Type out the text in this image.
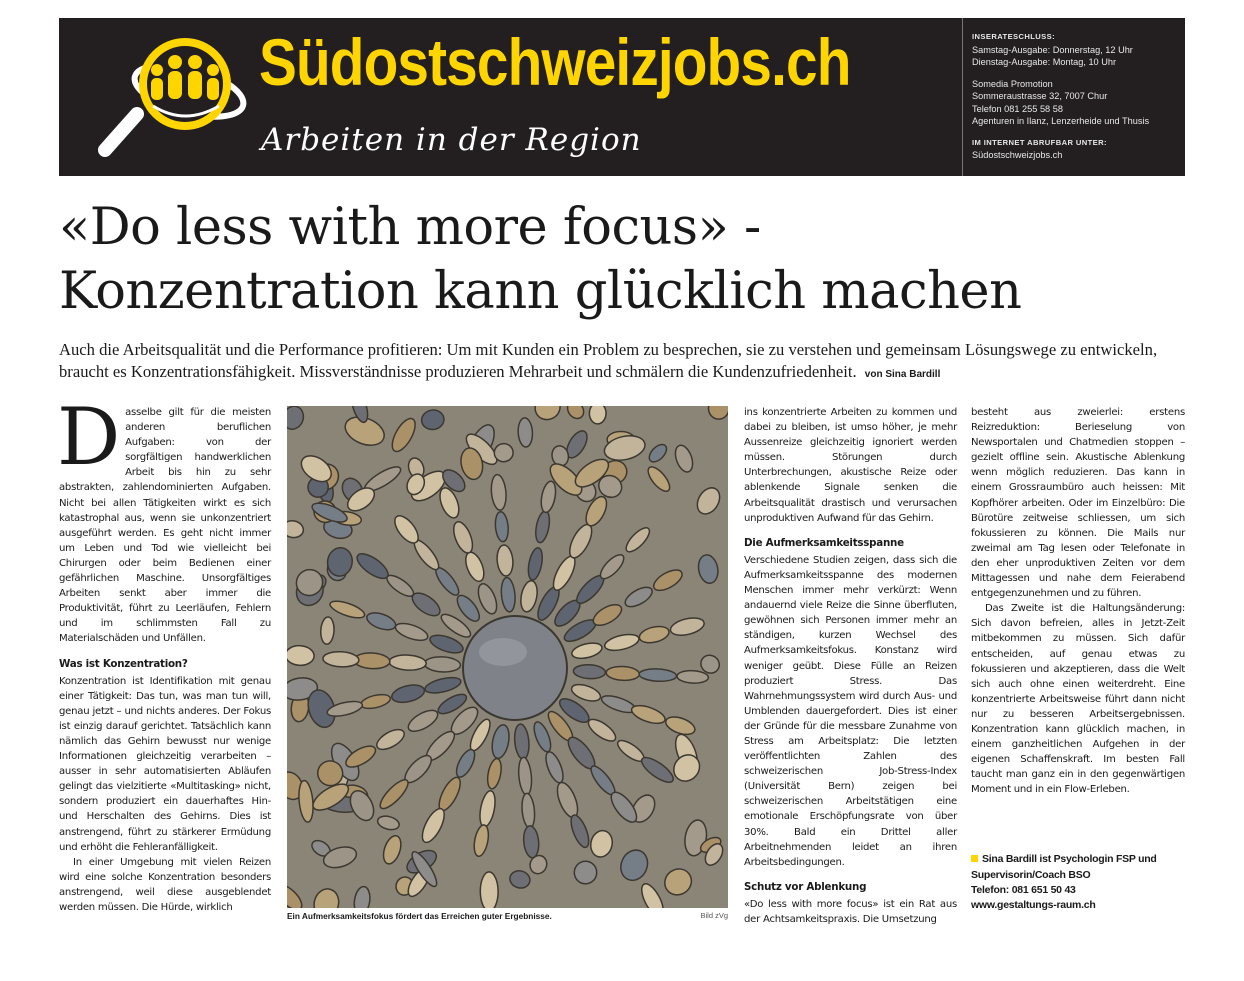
Südostschweizjobs.ch
Arbeiten in der Region
INSERATESCHLUSS:
Samstag-Ausgabe: Donnerstag, 12 Uhr
Dienstag-Ausgabe: Montag, 10 Uhr
Somedia Promotion
Sommeraustrasse 32, 7007 Chur
Telefon 081 255 58 58
Agenturen in Ilanz, Lenzerheide und Thusis
IM INTERNET ABRUFBAR UNTER:
Südostschweizjobs.ch
«Do less with more focus» -
Konzentration kann glücklich machen
Auch die Arbeitsqualität und die Performance profitieren: Um mit Kunden ein Problem zu besprechen, sie zu verstehen und gemeinsam Lösungswege zu entwickeln, braucht es Konzentrationsfähigkeit. Missverständnisse produzieren Mehrarbeit und schmälern die Kundenzufriedenheit. von Sina Bardill

Dasselbe gilt für die meisten anderen beruflichen Aufgaben: von der sorgfältigen handwerklichen Arbeit bis hin zu sehr abstrakten, zahlendominierten Aufgaben. Nicht bei allen Tätigkeiten wirkt es sich katastrophal aus, wenn sie unkonzentriert ausgeführt werden. Es geht nicht immer um Leben und Tod wie vielleicht bei Chirurgen oder beim Bedienen einer gefährlichen Maschine. Unsorgfältiges Arbeiten senkt aber immer die Produktivität, führt zu Leerläufen, Fehlern und im schlimmsten Fall zu Materialschäden und Unfällen.

Was ist Konzentration?

Konzentration ist Identifikation mit genau einer Tätigkeit: Das tun, was man tun will, genau jetzt – und nichts anderes. Der Fokus ist einzig darauf gerichtet. Tatsächlich kann nämlich das Gehirn bewusst nur wenige Informationen gleichzeitig verarbeiten – ausser in sehr automatisierten Abläufen gelingt das vielzitierte «Multitasking» nicht, sondern produziert ein dauerhaftes Hin- und Herschalten des Gehirns. Dies ist anstrengend, führt zu stärkerer Ermüdung und erhöht die Fehleranfälligkeit.

In einer Umgebung mit vielen Reizen wird eine solche Konzentration besonders anstrengend, weil diese ausgeblendet werden müssen. Die Hürde, wirklich

Ein Aufmerksamkeitsfokus fördert das Erreichen guter Ergebnisse.	Bild zVg

ins konzentrierte Arbeiten zu kommen und dabei zu bleiben, ist umso höher, je mehr Aussenreize gleichzeitig ignoriert werden müssen. Störungen durch Unterbrechungen, akustische Reize oder ablenkende Signale senken die Arbeitsqualität drastisch und verursachen unproduktiven Aufwand für das Gehirn.

Die Aufmerksamkeitsspanne

Verschiedene Studien zeigen, dass sich die Aufmerksamkeitsspanne des modernen Menschen immer mehr verkürzt: Wenn andauernd viele Reize die Sinne überfluten, gewöhnen sich Personen immer mehr an ständigen, kurzen Wechsel des Aufmerksamkeitsfokus. Konstanz wird weniger geübt. Diese Fülle an Reizen produziert Stress. Das Wahrnehmungssystem wird durch Aus- und Umblenden dauergefordert. Dies ist einer der Gründe für die messbare Zunahme von Stress am Arbeitsplatz: Die letzten veröffentlichten Zahlen des schweizerischen Job-Stress-Index (Universität Bern) zeigen bei schweizerischen Arbeitstätigen eine emotionale Erschöpfungsrate von über 30%. Bald ein Drittel aller Arbeitnehmenden leidet an ihren Arbeitsbedingungen.

Schutz vor Ablenkung

«Do less with more focus» ist ein Rat aus der Achtsamkeitspraxis. Die Umsetzung

besteht aus zweierlei: erstens Reizreduktion: Berieselung von Newsportalen und Chatmedien stoppen – gezielt offline sein. Akustische Ablenkung wenn möglich reduzieren. Das kann in einem Grossraumbüro auch heissen: Mit Kopfhörer arbeiten. Oder im Einzelbüro: Die Bürotüre zeitweise schliessen, um sich fokussieren zu können. Die Mails nur zweimal am Tag lesen oder Telefonate in den eher unproduktiven Zeiten vor dem Mittagessen und nahe dem Feierabend entgegenzunehmen und zu führen.

Das Zweite ist die Haltungsänderung: Sich davon befreien, alles in Jetzt-Zeit mitbekommen zu müssen. Sich dafür entscheiden, auf genau etwas zu fokussieren und akzeptieren, dass die Welt sich auch ohne einen weiterdreht. Eine konzentrierte Arbeitsweise führt dann nicht nur zu besseren Arbeitsergebnissen. Konzentration kann glücklich machen, in einem ganzheitlichen Aufgehen in der eigenen Schaffenskraft. Im besten Fall taucht man ganz ein in den gegenwärtigen Moment und in ein Flow-Erleben.

Sina Bardill ist Psychologin FSP und
Supervisorin/Coach BSO
Telefon: 081 651 50 43
www.gestaltungs-raum.ch
